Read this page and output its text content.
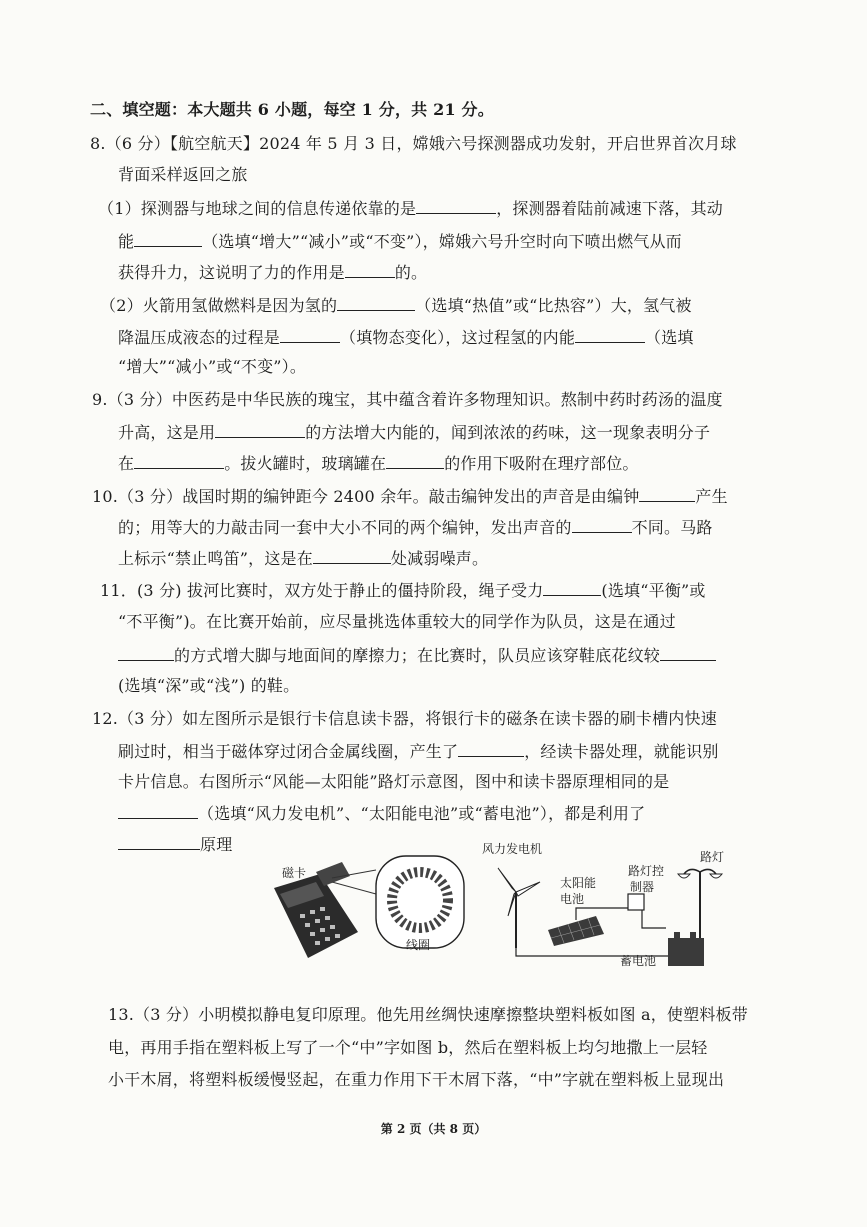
二、填空题：本大题共 6 小题，每空 1 分，共 21 分。
8.（6 分）【航空航天】2024 年 5 月 3 日，嫦娥六号探测器成功发射，开启世界首次月球
背面采样返回之旅
（1）探测器与地球之间的信息传递依靠的是	，探测器着陆前减速下落，其动
能	（选填“增大”“减小”或“不变”），嫦娥六号升空时向下喷出燃气从而
获得升力，这说明了力的作用是	的。
（2）火箭用氢做燃料是因为氢的	（选填“热值”或“比热容”）大，氢气被
降温压成液态的过程是	（填物态变化），这过程氢的内能	（选填
“增大”“减小”或“不变”）。
9.（3 分）中医药是中华民族的瑰宝，其中蕴含着许多物理知识。熬制中药时药汤的温度
升高，这是用	的方法增大内能的，闻到浓浓的药味，这一现象表明分子
在	。拔火罐时，玻璃罐在	的作用下吸附在理疗部位。
10.（3 分）战国时期的编钟距今 2400 余年。敲击编钟发出的声音是由编钟	产生
的；用等大的力敲击同一套中大小不同的两个编钟，发出声音的	不同。马路
上标示“禁止鸣笛”，这是在	处减弱噪声。
11．(3 分) 拔河比赛时，双方处于静止的僵持阶段，绳子受力	(选填“平衡”或
“不平衡”)。在比赛开始前，应尽量挑选体重较大的同学作为队员，这是在通过
的方式增大脚与地面间的摩擦力；在比赛时，队员应该穿鞋底花纹较
(选填“深”或“浅”) 的鞋。
12.（3 分）如左图所示是银行卡信息读卡器，将银行卡的磁条在读卡器的刷卡槽内快速
刷过时，相当于磁体穿过闭合金属线圈，产生了	，经读卡器处理，就能识别
卡片信息。右图所示“风能—太阳能”路灯示意图，图中和读卡器原理相同的是
（选填“风力发电机”、“太阳能电池”或“蓄电池”），都是利用了
原理
磁卡
线圈
风力发电机
太阳能
电池
路灯控
制器
路灯
蓄电池
13.（3 分）小明模拟静电复印原理。他先用丝绸快速摩擦整块塑料板如图 a，使塑料板带
电，再用手指在塑料板上写了一个“中”字如图 b，然后在塑料板上均匀地撒上一层轻
小干木屑，将塑料板缓慢竖起，在重力作用下干木屑下落，“中”字就在塑料板上显现出
第 2 页（共 8 页）
